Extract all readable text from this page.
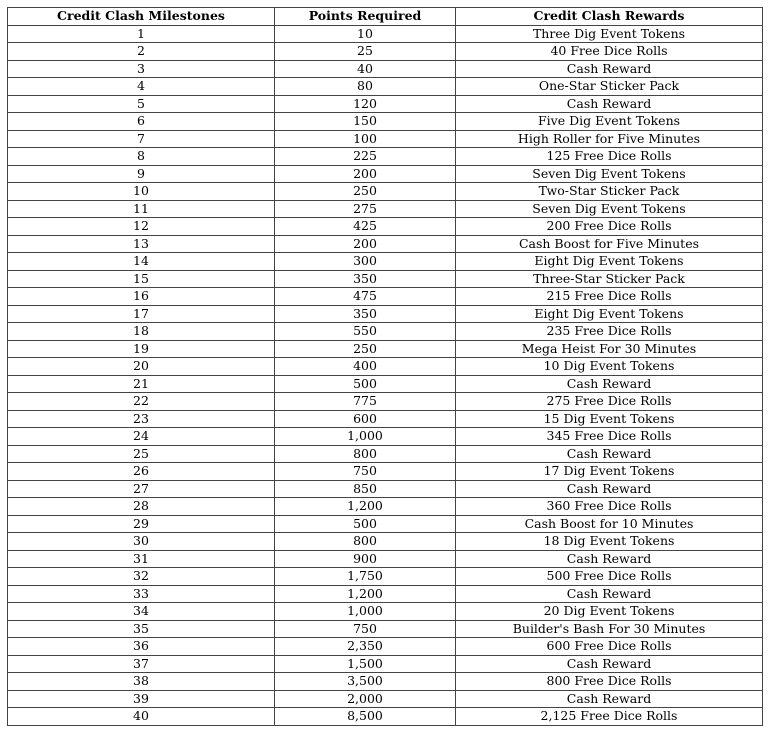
Credit Clash Milestones	Points Required	Credit Clash Rewards
1	10	Three Dig Event Tokens
2	25	40 Free Dice Rolls
3	40	Cash Reward
4	80	One-Star Sticker Pack
5	120	Cash Reward
6	150	Five Dig Event Tokens
7	100	High Roller for Five Minutes
8	225	125 Free Dice Rolls
9	200	Seven Dig Event Tokens
10	250	Two-Star Sticker Pack
11	275	Seven Dig Event Tokens
12	425	200 Free Dice Rolls
13	200	Cash Boost for Five Minutes
14	300	Eight Dig Event Tokens
15	350	Three-Star Sticker Pack
16	475	215 Free Dice Rolls
17	350	Eight Dig Event Tokens
18	550	235 Free Dice Rolls
19	250	Mega Heist For 30 Minutes
20	400	10 Dig Event Tokens
21	500	Cash Reward
22	775	275 Free Dice Rolls
23	600	15 Dig Event Tokens
24	1,000	345 Free Dice Rolls
25	800	Cash Reward
26	750	17 Dig Event Tokens
27	850	Cash Reward
28	1,200	360 Free Dice Rolls
29	500	Cash Boost for 10 Minutes
30	800	18 Dig Event Tokens
31	900	Cash Reward
32	1,750	500 Free Dice Rolls
33	1,200	Cash Reward
34	1,000	20 Dig Event Tokens
35	750	Builder's Bash For 30 Minutes
36	2,350	600 Free Dice Rolls
37	1,500	Cash Reward
38	3,500	800 Free Dice Rolls
39	2,000	Cash Reward
40	8,500	2,125 Free Dice Rolls
